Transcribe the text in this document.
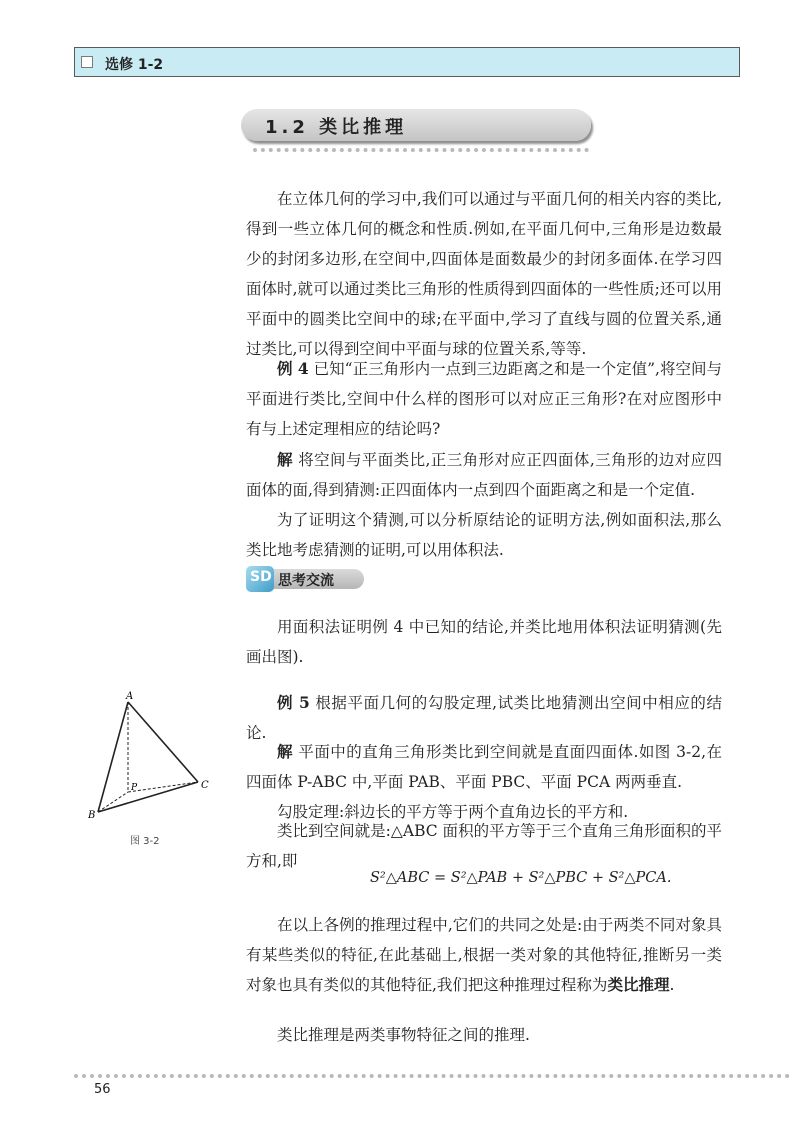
选修 1-2
1.2 类比推理

在立体几何的学习中,我们可以通过与平面几何的相关内容的类比,得到一些立体几何的概念和性质.例如,在平面几何中,三角形是边数最少的封闭多边形,在空间中,四面体是面数最少的封闭多面体.在学习四面体时,就可以通过类比三角形的性质得到四面体的一些性质;还可以用平面中的圆类比空间中的球;在平面中,学习了直线与圆的位置关系,通过类比,可以得到空间中平面与球的位置关系,等等.

例 4 已知“正三角形内一点到三边距离之和是一个定值”,将空间与平面进行类比,空间中什么样的图形可以对应正三角形?在对应图形中有与上述定理相应的结论吗?

解 将空间与平面类比,正三角形对应正四面体,三角形的边对应四面体的面,得到猜测:正四面体内一点到四个面距离之和是一个定值.

为了证明这个猜测,可以分析原结论的证明方法,例如面积法,那么类比地考虑猜测的证明,可以用体积法.

思考交流
SD

用面积法证明例 4 中已知的结论,并类比地用体积法证明猜测(先画出图).

例 5 根据平面几何的勾股定理,试类比地猜测出空间中相应的结论.

解 平面中的直角三角形类比到空间就是直面四面体.如图 3-2,在四面体 P-ABC 中,平面 PAB、平面 PBC、平面 PCA 两两垂直.

勾股定理:斜边长的平方等于两个直角边长的平方和.

类比到空间就是:△ABC 面积的平方等于三个直角三角形面积的平方和,即

S²△ABC = S²△PAB + S²△PBC + S²△PCA.
A
B
C
P
图 3-2

在以上各例的推理过程中,它们的共同之处是:由于两类不同对象具有某些类似的特征,在此基础上,根据一类对象的其他特征,推断另一类对象也具有类似的其他特征,我们把这种推理过程称为类比推理.

类比推理是两类事物特征之间的推理.

56
